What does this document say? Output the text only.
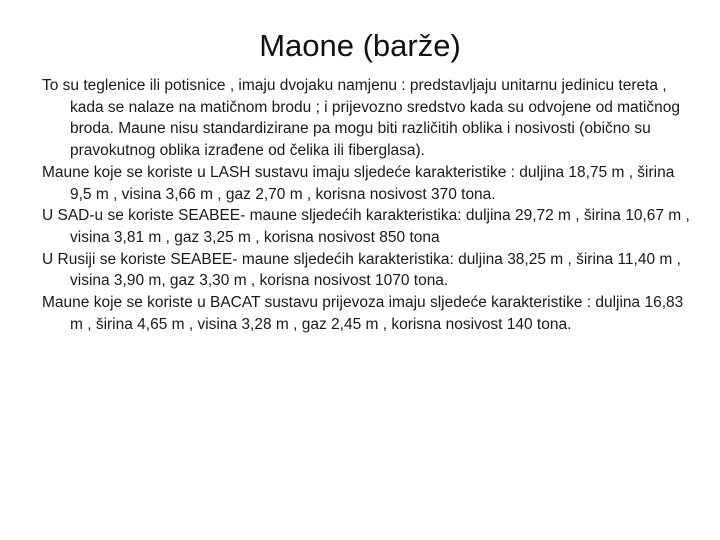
Maone (barže)

To su teglenice ili potisnice , imaju dvojaku namjenu : predstavljaju unitarnu jedinicu tereta , kada se nalaze na matičnom brodu ; i prijevozno sredstvo kada su odvojene od matičnog broda. Maune nisu standardizirane pa mogu biti različitih oblika i nosivosti (obično su pravokutnog oblika izrađene od čelika ili fiberglasa).

Maune koje se koriste u LASH sustavu imaju sljedeće karakteristike : duljina 18,75 m , širina 9,5 m , visina 3,66 m , gaz 2,70 m , korisna nosivost 370 tona.

U SAD-u se koriste SEABEE- maune sljedećih karakteristika: duljina 29,72 m , širina 10,67 m , visina 3,81 m , gaz 3,25 m , korisna nosivost 850 tona

U Rusiji se koriste SEABEE- maune sljedećih karakteristika: duljina 38,25 m , širina 11,40 m , visina 3,90 m, gaz 3,30 m , korisna nosivost 1070 tona.

Maune koje se koriste u BACAT sustavu prijevoza imaju sljedeće karakteristike : duljina 16,83 m , širina 4,65 m , visina 3,28 m , gaz 2,45 m , korisna nosivost 140 tona.
